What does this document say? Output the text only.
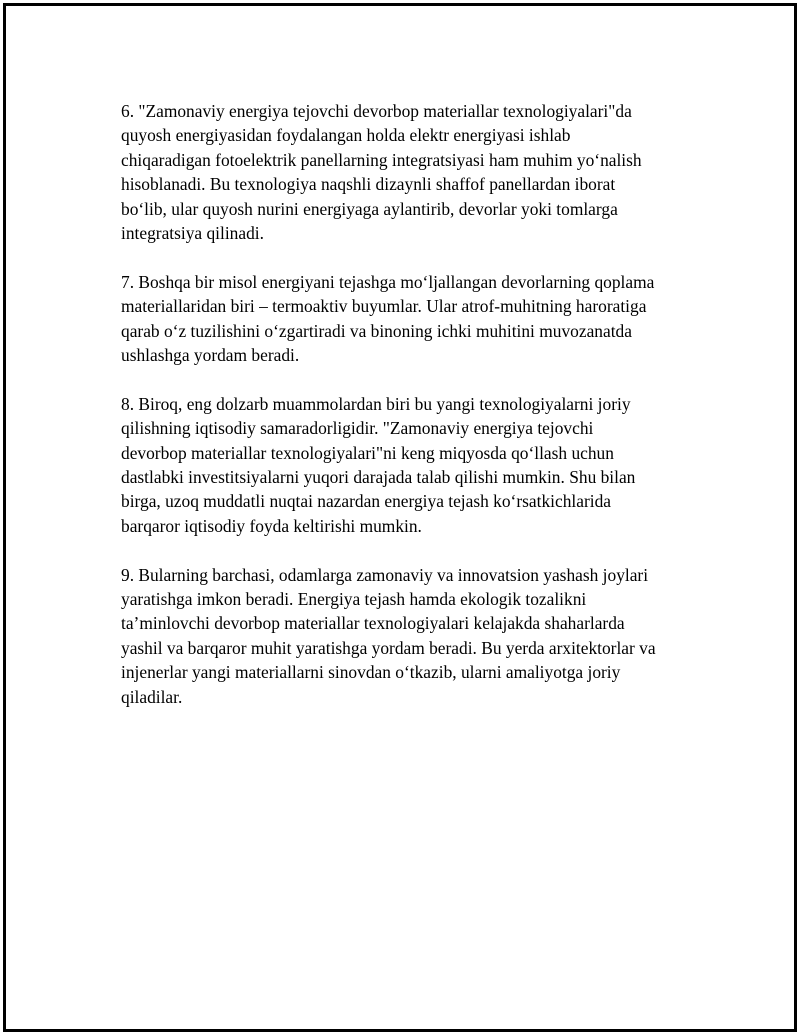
6. "Zamonaviy energiya tejovchi devorbop materiallar texnologiyalari"da
quyosh energiyasidan foydalangan holda elektr energiyasi ishlab
chiqaradigan fotoelektrik panellarning integratsiyasi ham muhim yo‘nalish
hisoblanadi. Bu texnologiya naqshli dizaynli shaffof panellardan iborat
bo‘lib, ular quyosh nurini energiyaga aylantirib, devorlar yoki tomlarga
integratsiya qilinadi.

7. Boshqa bir misol energiyani tejashga mo‘ljallangan devorlarning qoplama
materiallaridan biri – termoaktiv buyumlar. Ular atrof-muhitning haroratiga
qarab o‘z tuzilishini o‘zgartiradi va binoning ichki muhitini muvozanatda
ushlashga yordam beradi.

8. Biroq, eng dolzarb muammolardan biri bu yangi texnologiyalarni joriy
qilishning iqtisodiy samaradorligidir. "Zamonaviy energiya tejovchi
devorbop materiallar texnologiyalari"ni keng miqyosda qo‘llash uchun
dastlabki investitsiyalarni yuqori darajada talab qilishi mumkin. Shu bilan
birga, uzoq muddatli nuqtai nazardan energiya tejash ko‘rsatkichlarida
barqaror iqtisodiy foyda keltirishi mumkin.

9. Bularning barchasi, odamlarga zamonaviy va innovatsion yashash joylari
yaratishga imkon beradi. Energiya tejash hamda ekologik tozalikni
ta’minlovchi devorbop materiallar texnologiyalari kelajakda shaharlarda
yashil va barqaror muhit yaratishga yordam beradi. Bu yerda arxitektorlar va
injenerlar yangi materiallarni sinovdan o‘tkazib, ularni amaliyotga joriy
qiladilar.
